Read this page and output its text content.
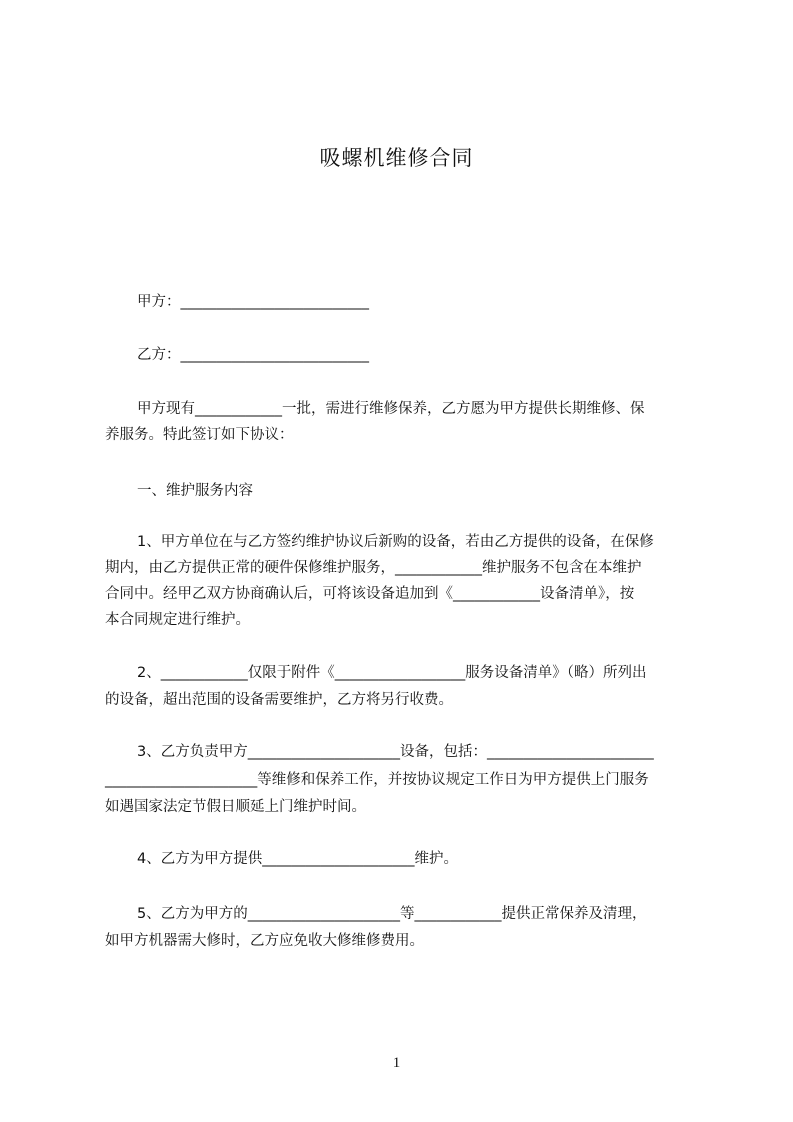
吸螺机维修合同

甲方：__________________________

乙方：__________________________

甲方现有____________一批，需进行维修保养，乙方愿为甲方提供长期维修、保

养服务。特此签订如下协议：

一、维护服务内容

1、甲方单位在与乙方签约维护协议后新购的设备，若由乙方提供的设备，在保修

期内，由乙方提供正常的硬件保修维护服务，____________维护服务不包含在本维护

合同中。经甲乙双方协商确认后，可将该设备追加到《____________设备清单》，按

本合同规定进行维护。

2、____________仅限于附件《__________________服务设备清单》（略）所列出

的设备，超出范围的设备需要维护，乙方将另行收费。

3、乙方负责甲方_____________________设备，包括：_______________________

_____________________等维修和保养工作，并按协议规定工作日为甲方提供上门服务

如遇国家法定节假日顺延上门维护时间。

4、乙方为甲方提供_____________________维护。

5、乙方为甲方的_____________________等____________提供正常保养及清理，

如甲方机器需大修时，乙方应免收大修维修费用。

1
